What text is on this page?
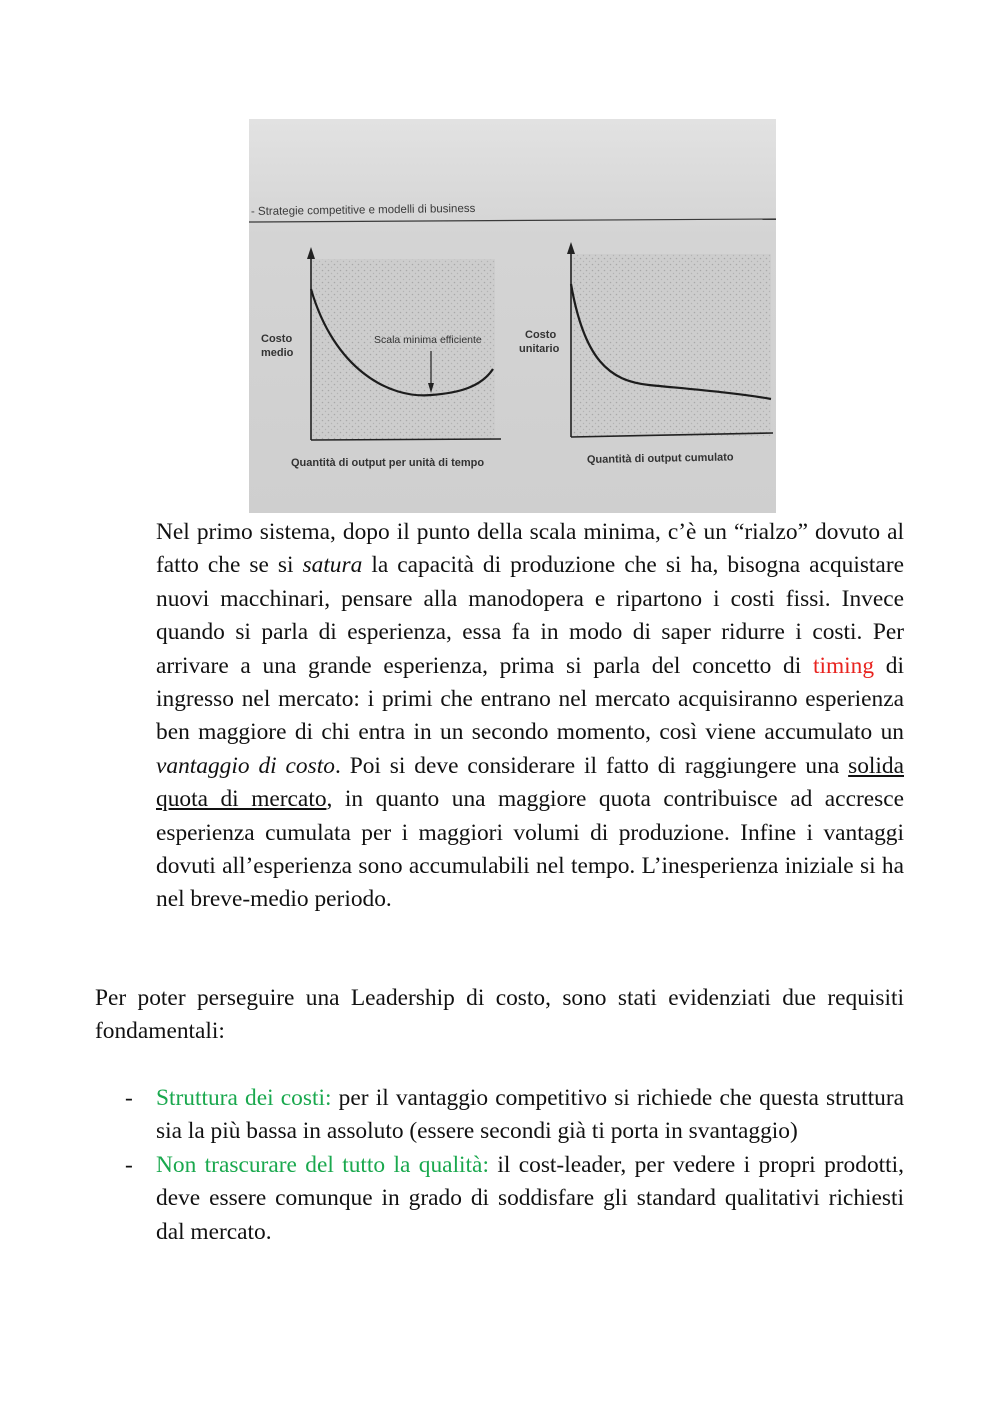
- Strategie competitive e modelli di business
Scala minima efficiente
Costo
medio
Quantità di output per unità di tempo
Costo
unitario
Quantità di output cumulato

Nel primo sistema, dopo il punto della scala minima, c’è un “rialzo” dovuto al fatto che se si satura la capacità di produzione che si ha, bisogna acquistare nuovi macchinari, pensare alla manodopera e ripartono i costi fissi. Invece quando si parla di esperienza, essa fa in modo di saper ridurre i costi. Per arrivare a una grande esperienza, prima si parla del concetto di timing di ingresso nel mercato: i primi che entrano nel mercato acquisiranno esperienza ben maggiore di chi entra in un secondo momento, così viene accumulato un vantaggio di costo. Poi si deve considerare il fatto di raggiungere una solida quota di mercato, in quanto una maggiore quota contribuisce ad accresce esperienza cumulata per i maggiori volumi di produzione. Infine i vantaggi dovuti all’esperienza sono accumulabili nel tempo. L’inesperienza iniziale si ha nel breve-medio periodo.

Per poter perseguire una Leadership di costo, sono stati evidenziati due requisiti fondamentali:

- Struttura dei costi: per il vantaggio competitivo si richiede che questa struttura sia la più bassa in assoluto (essere secondi già ti porta in svantaggio)
- Non trascurare del tutto la qualità: il cost-leader, per vedere i propri prodotti, deve essere comunque in grado di soddisfare gli standard qualitativi richiesti dal mercato.
